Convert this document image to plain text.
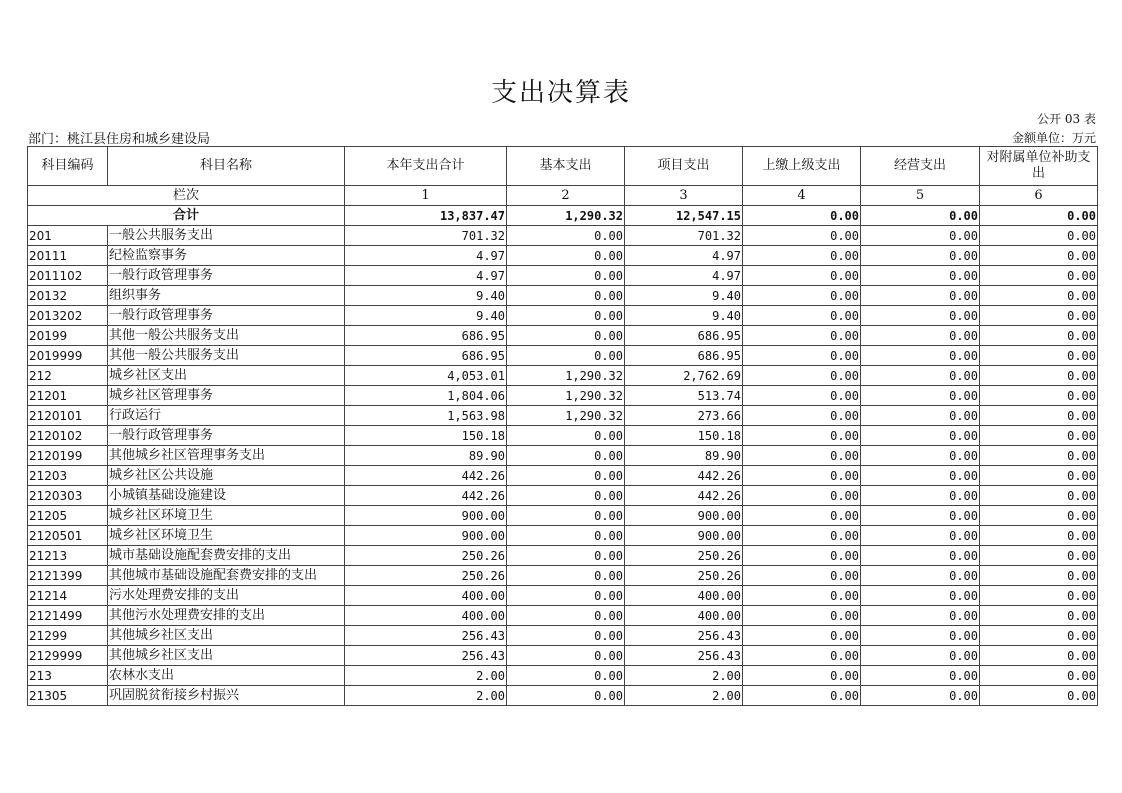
支出决算表
公开 03 表
部门：桃江县住房和城乡建设局	金额单位：万元
科目编码	科目名称	本年支出合计	基本支出	项目支出	上缴上级支出	经营支出	对附属单位补助支出
栏次		1	2	3	4	5	6
合计		13,837.47	1,290.32	12,547.15	0.00	0.00	0.00
201	一般公共服务支出	701.32	0.00	701.32	0.00	0.00	0.00
20111	纪检监察事务	4.97	0.00	4.97	0.00	0.00	0.00
2011102	一般行政管理事务	4.97	0.00	4.97	0.00	0.00	0.00
20132	组织事务	9.40	0.00	9.40	0.00	0.00	0.00
2013202	一般行政管理事务	9.40	0.00	9.40	0.00	0.00	0.00
20199	其他一般公共服务支出	686.95	0.00	686.95	0.00	0.00	0.00
2019999	其他一般公共服务支出	686.95	0.00	686.95	0.00	0.00	0.00
212	城乡社区支出	4,053.01	1,290.32	2,762.69	0.00	0.00	0.00
21201	城乡社区管理事务	1,804.06	1,290.32	513.74	0.00	0.00	0.00
2120101	行政运行	1,563.98	1,290.32	273.66	0.00	0.00	0.00
2120102	一般行政管理事务	150.18	0.00	150.18	0.00	0.00	0.00
2120199	其他城乡社区管理事务支出	89.90	0.00	89.90	0.00	0.00	0.00
21203	城乡社区公共设施	442.26	0.00	442.26	0.00	0.00	0.00
2120303	小城镇基础设施建设	442.26	0.00	442.26	0.00	0.00	0.00
21205	城乡社区环境卫生	900.00	0.00	900.00	0.00	0.00	0.00
2120501	城乡社区环境卫生	900.00	0.00	900.00	0.00	0.00	0.00
21213	城市基础设施配套费安排的支出	250.26	0.00	250.26	0.00	0.00	0.00
2121399	其他城市基础设施配套费安排的支出	250.26	0.00	250.26	0.00	0.00	0.00
21214	污水处理费安排的支出	400.00	0.00	400.00	0.00	0.00	0.00
2121499	其他污水处理费安排的支出	400.00	0.00	400.00	0.00	0.00	0.00
21299	其他城乡社区支出	256.43	0.00	256.43	0.00	0.00	0.00
2129999	其他城乡社区支出	256.43	0.00	256.43	0.00	0.00	0.00
213	农林水支出	2.00	0.00	2.00	0.00	0.00	0.00
21305	巩固脱贫衔接乡村振兴	2.00	0.00	2.00	0.00	0.00	0.00
